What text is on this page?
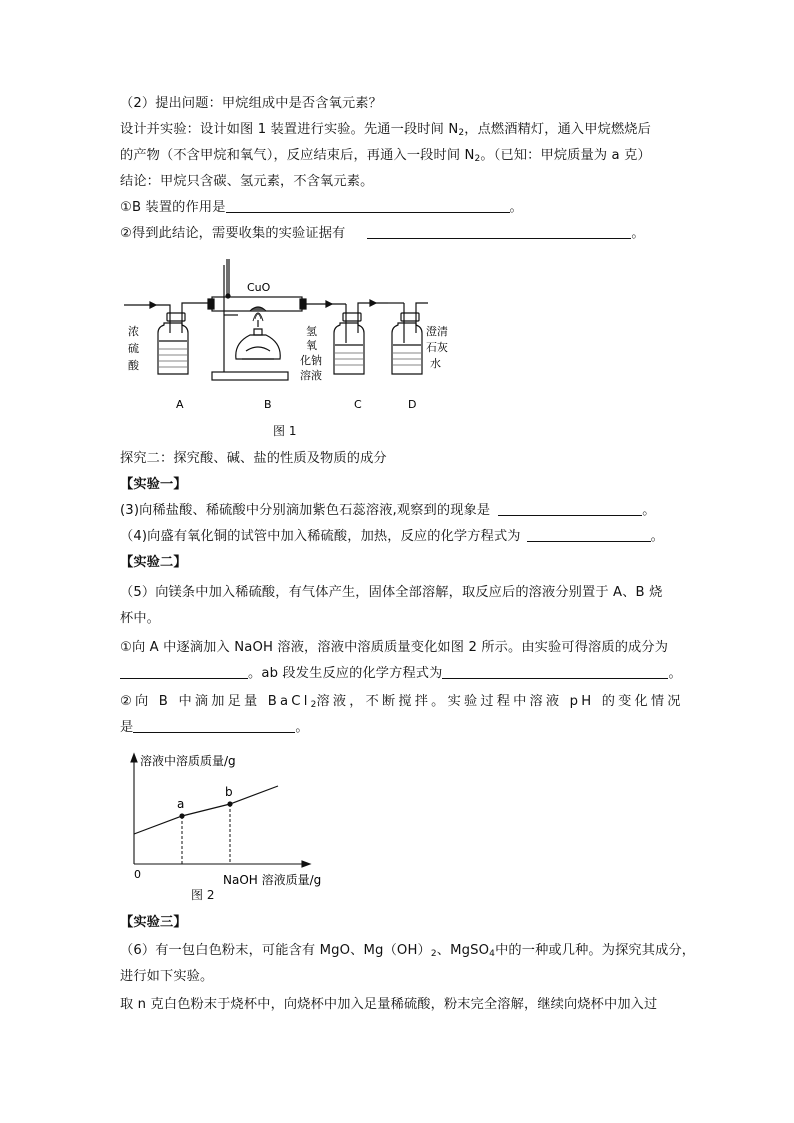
（2）提出问题：甲烷组成中是否含氧元素？
设计并实验：设计如图 1 装置进行实验。先通一段时间 $N_2$，点燃酒精灯，通入甲烷燃烧后
的产物（不含甲烷和氧气），反应结束后，再通入一段时间 $N_2$。（已知：甲烷质量为 a 克）
结论：甲烷只含碳、氢元素，不含氧元素。
①B 装置的作用是	。
②得到此结论，需要收集的实验证据有	。
CuO
浓
硫
酸
氢
氧
化钠
溶液
澄清
石灰
水
A	B	C	D
图 1
探究二：探究酸、碱、盐的性质及物质的成分
【实验一】
(3)向稀盐酸、稀硫酸中分别滴加紫色石蕊溶液,观察到的现象是	。
（4)向盛有氧化铜的试管中加入稀硫酸，加热，反应的化学方程式为	。
【实验二】
（5）向镁条中加入稀硫酸，有气体产生，固体全部溶解，取反应后的溶液分别置于 A、B 烧
杯中。
①向 A 中逐滴加入 NaOH 溶液，溶液中溶质质量变化如图 2 所示。由实验可得溶质的成分为
。ab 段发生反应的化学方程式为	。
②向 B 中滴加足量 BaCl$_2$溶液，不断搅拌。实验过程中溶液 pH 的变化情况
是	。
a
b
溶液中溶质质量/g
0	NaOH 溶液质量/g
图 2
【实验三】
（6）有一包白色粉末，可能含有 MgO、$Mg(OH)_2$、MgSO$_4$中的一种或几种。为探究其成分，
进行如下实验。
取 n 克白色粉末于烧杯中，向烧杯中加入足量稀硫酸，粉末完全溶解，继续向烧杯中加入过
